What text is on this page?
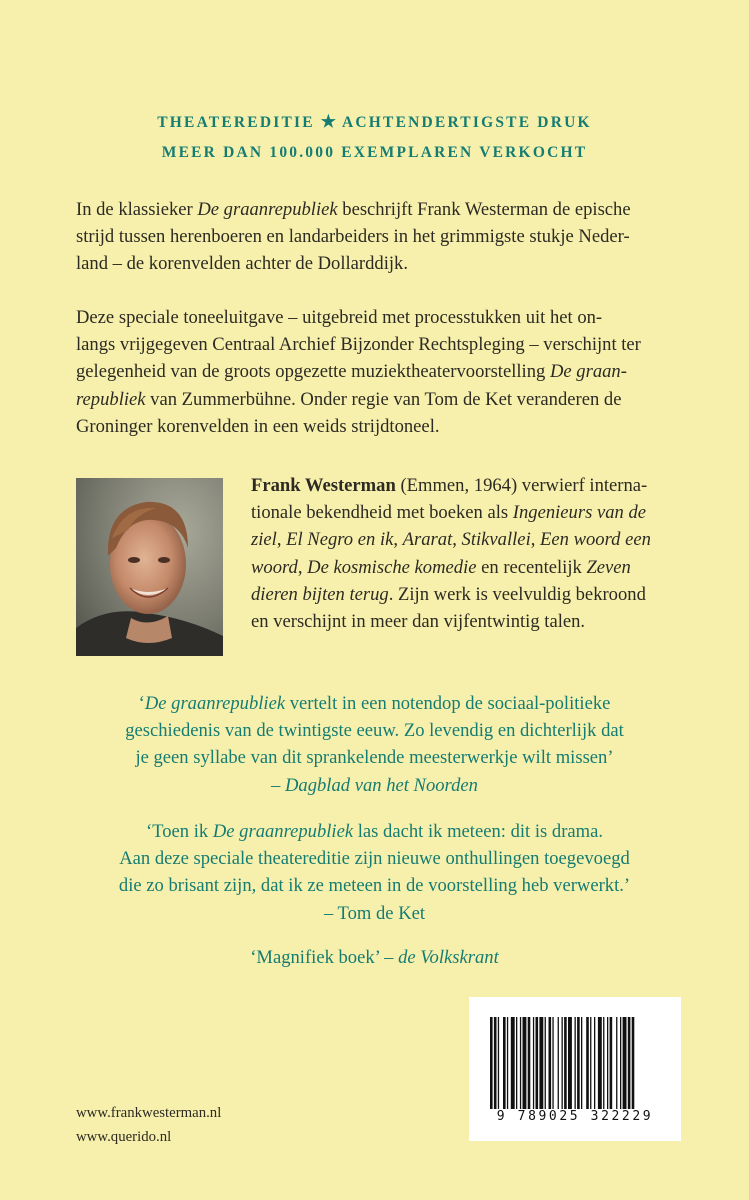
THEATEREDITIE ★ ACHTENDERTIGSTE DRUK
MEER DAN 100.000 EXEMPLAREN VERKOCHT

In de klassieker De graanrepubliek beschrijft Frank Westerman de epische
strijd tussen herenboeren en landarbeiders in het grimmigste stukje Neder-
land – de korenvelden achter de Dollarddijk.

Deze speciale toneeluitgave – uitgebreid met processtukken uit het on-
langs vrijgegeven Centraal Archief Bijzonder Rechtspleging – verschijnt ter
gelegenheid van de groots opgezette muziektheatervoorstelling De graan-
republiek van Zummerbühne. Onder regie van Tom de Ket veranderen de
Groninger korenvelden in een weids strijdtoneel.

Frank Westerman (Emmen, 1964) verwierf interna-
tionale bekendheid met boeken als Ingenieurs van de
ziel, El Negro en ik, Ararat, Stikvallei, Een woord een
woord, De kosmische komedie en recentelijk Zeven
dieren bijten terug. Zijn werk is veelvuldig bekroond
en verschijnt in meer dan vijfentwintig talen.

‘De graanrepubliek vertelt in een notendop de sociaal-politieke
geschiedenis van de twintigste eeuw. Zo levendig en dichterlijk dat
je geen syllabe van dit sprankelende meesterwerkje wilt missen’
– Dagblad van het Noorden

‘Toen ik De graanrepubliek las dacht ik meteen: dit is drama.
Aan deze speciale theatereditie zijn nieuwe onthullingen toegevoegd
die zo brisant zijn, dat ik ze meteen in de voorstelling heb verwerkt.’
– Tom de Ket

‘Magnifiek boek’ – de Volkskrant

9 789025 322229
www.frankwesterman.nl
www.querido.nl
